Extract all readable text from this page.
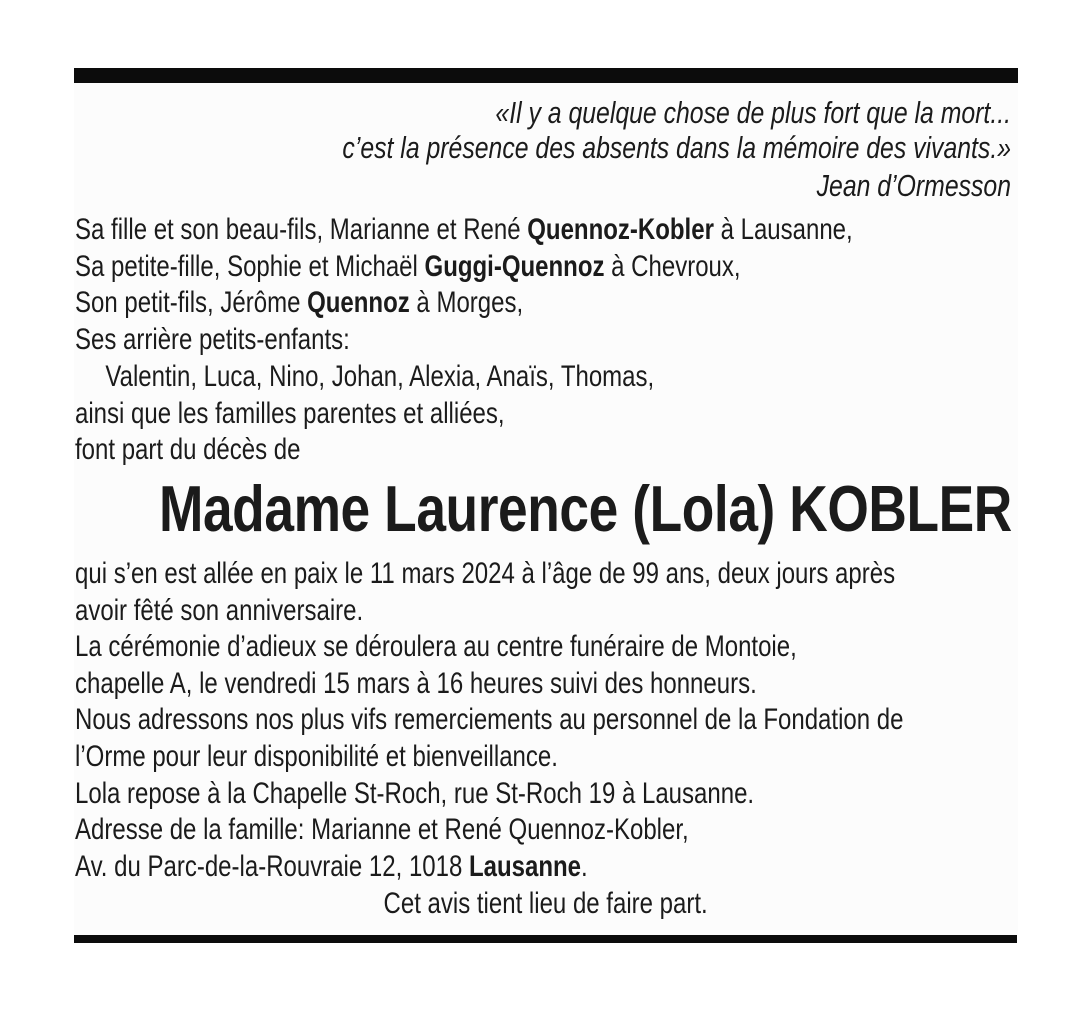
«Il y a quelque chose de plus fort que la mort...
c’est la présence des absents dans la mémoire des vivants.»
Jean d’Ormesson
Sa fille et son beau-fils, Marianne et René Quennoz-Kobler à Lausanne,
Sa petite-fille, Sophie et Michaël Guggi-Quennoz à Chevroux,
Son petit-fils, Jérôme Quennoz à Morges,
Ses arrière petits-enfants:
Valentin, Luca, Nino, Johan, Alexia, Anaïs, Thomas,
ainsi que les familles parentes et alliées,
font part du décès de
Madame Laurence (Lola) KOBLER
qui s’en est allée en paix le 11 mars 2024 à l’âge de 99 ans, deux jours après
avoir fêté son anniversaire.
La cérémonie d’adieux se déroulera au centre funéraire de Montoie,
chapelle A, le vendredi 15 mars à 16 heures suivi des honneurs.
Nous adressons nos plus vifs remerciements au personnel de la Fondation de
l’Orme pour leur disponibilité et bienveillance.
Lola repose à la Chapelle St-Roch, rue St-Roch 19 à Lausanne.
Adresse de la famille: Marianne et René Quennoz-Kobler,
Av. du Parc-de-la-Rouvraie 12, 1018 Lausanne.
Cet avis tient lieu de faire part.
